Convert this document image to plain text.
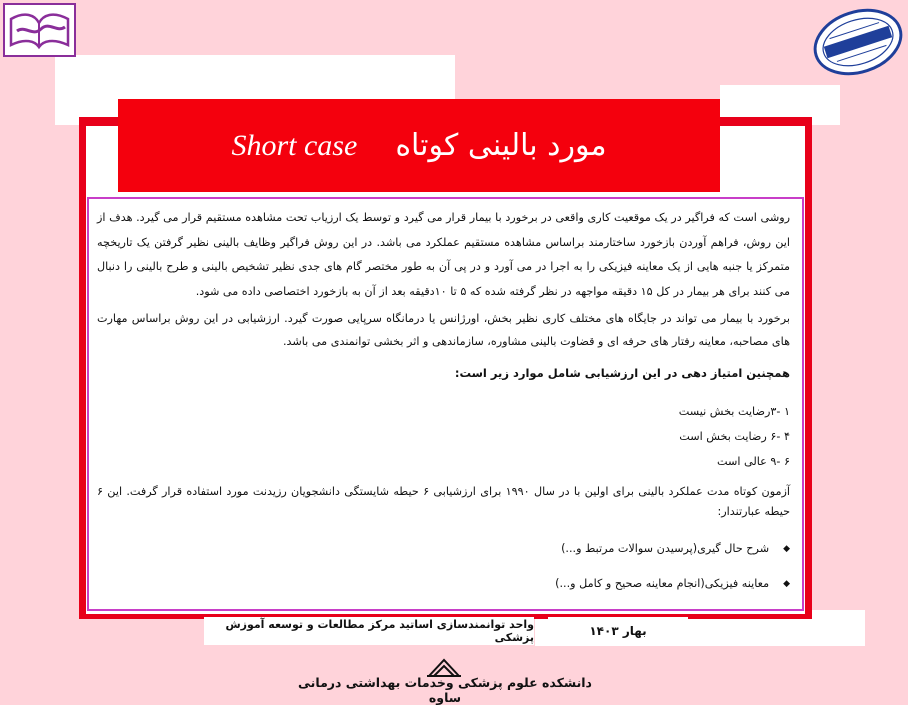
مورد بالینی کوتاه
Short case

روشی است که فراگیر در یک موقعیت کاری واقعی در برخورد با بیمار قرار می گیرد و توسط یک ارزیاب تحت مشاهده مستقیم قرار می گیرد. هدف از این روش، فراهم آوردن بازخورد ساختارمند براساس مشاهده مستقیم عملکرد می باشد. در این روش فراگیر وظایف بالینی نظیر گرفتن یک تاریخچه متمرکز یا جنبه هایی از یک معاینه فیزیکی را به اجرا در می آورد و در پی آن به طور مختصر گام های جدی نظیر تشخیص بالینی و طرح بالینی را دنبال می کنند برای هر بیمار در کل ۱۵ دقیقه مواجهه در نظر گرفته شده که ۵ تا ۱۰دقیقه بعد از آن به بازخورد اختصاصی داده می شود.

برخورد با بیمار می تواند در جایگاه های مختلف کاری نظیر بخش، اورژانس یا درمانگاه سرپایی صورت گیرد. ارزشیابی در این روش براساس مهارت های مصاحبه، معاینه رفتار های حرفه ای و قضاوت بالینی مشاوره، سازماندهی و اثر بخشی توانمندی می باشد.

همچنین امتیاز دهی در این ارزشیابی شامل موارد زیر است:
۱ -۳رضایت بخش نیست
۴ -۶ رضایت بخش است
۶ -۹ عالی است

آزمون کوتاه مدت عملکرد بالینی برای اولین با در سال ۱۹۹۰ برای ارزشیابی ۶ حیطه شایستگی دانشجویان رزیدنت مورد استفاده قرار گرفت. این ۶ حیطه عبارتندار:

◆
شرح حال گیری(پرسیدن سوالات مرتبط و...)
◆
معاینه فیزیکی(انجام معاینه صحیح و کامل و...)
واحد توانمندسازی اساتید مرکز مطالعات و توسعه آموزش پزشکی	بهار ۱۴۰۳
دانشکده علوم پزشکی وخدمات بهداشتی درمانی ساوه
